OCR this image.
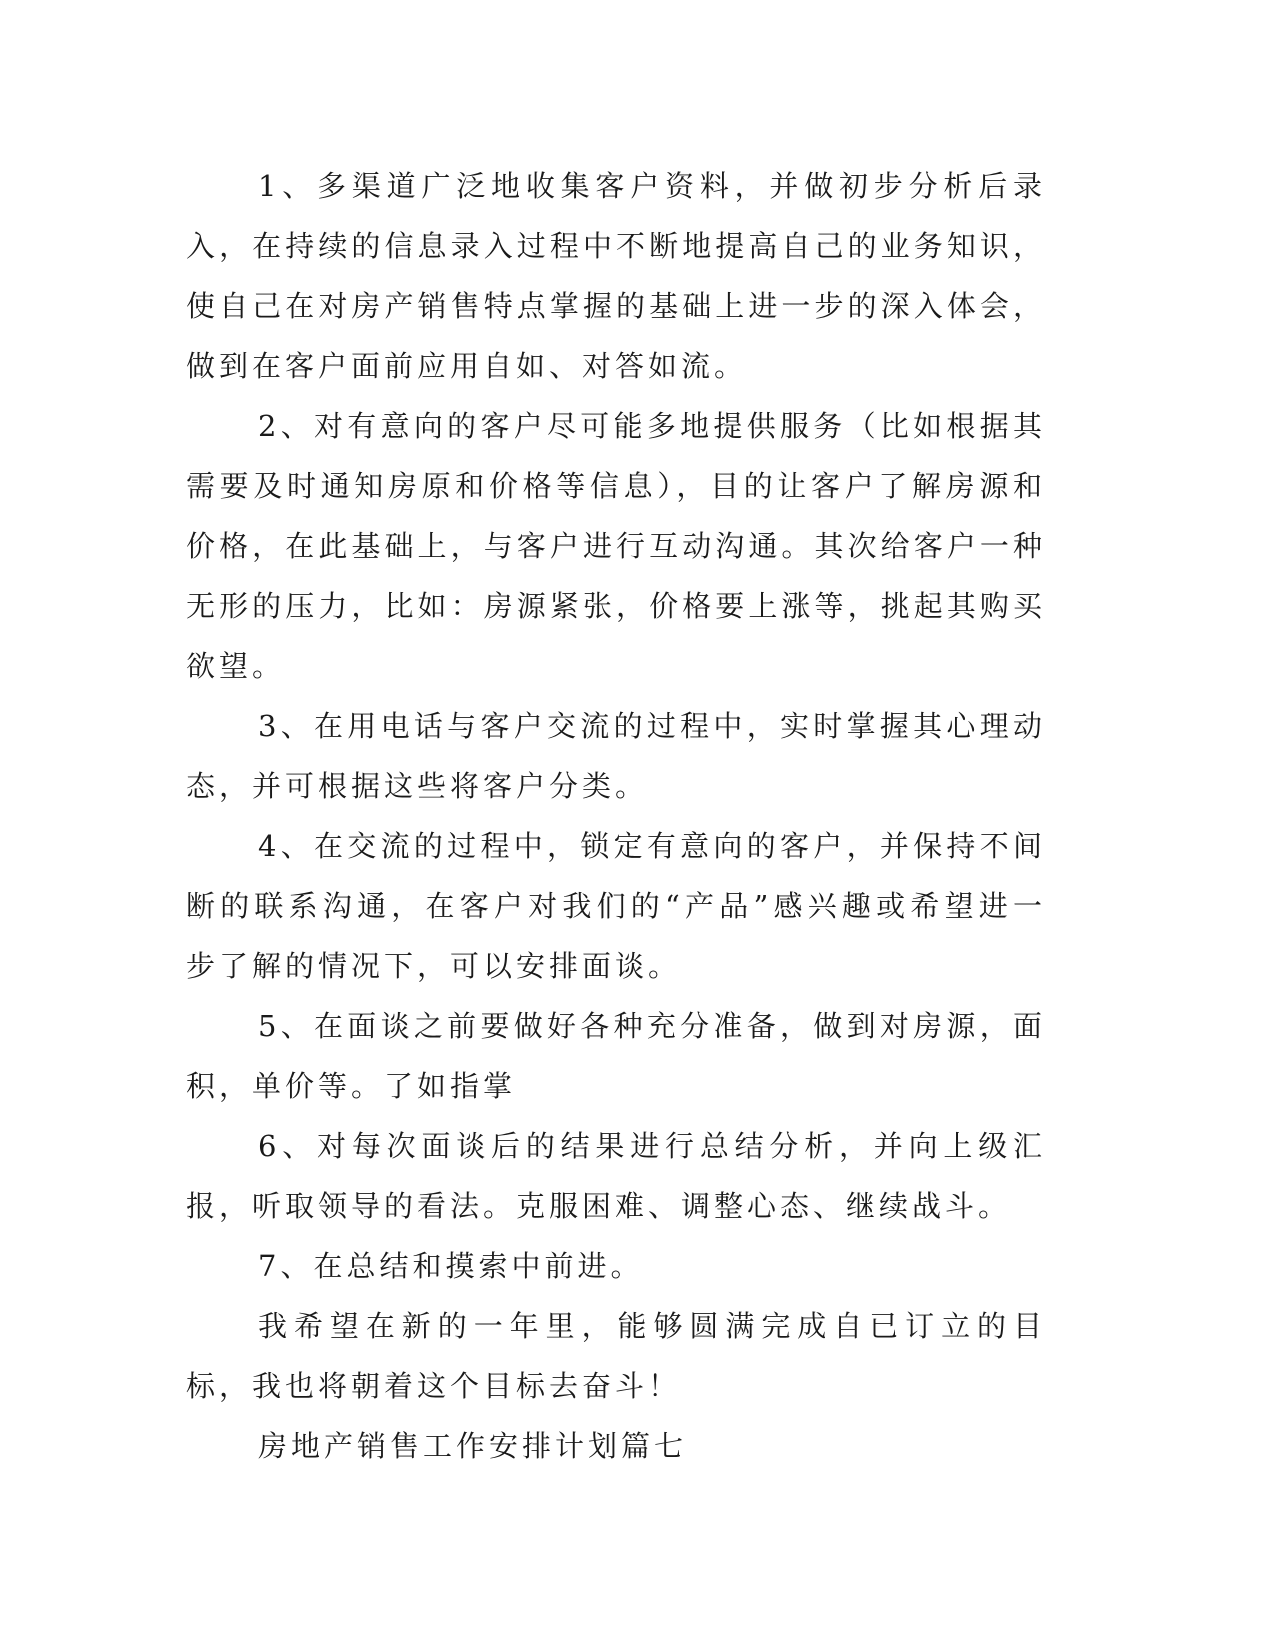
1、多渠道广泛地收集客户资料，并做初步分析后录入，在持续的信息录入过程中不断地提高自己的业务知识，使自己在对房产销售特点掌握的基础上进一步的深入体会，做到在客户面前应用自如、对答如流。

2、对有意向的客户尽可能多地提供服务（比如根据其需要及时通知房原和价格等信息），目的让客户了解房源和价格，在此基础上，与客户进行互动沟通。其次给客户一种无形的压力，比如：房源紧张，价格要上涨等，挑起其购买欲望。

3、在用电话与客户交流的过程中，实时掌握其心理动态，并可根据这些将客户分类。

4、在交流的过程中，锁定有意向的客户，并保持不间断的联系沟通，在客户对我们的“产品”感兴趣或希望进一步了解的情况下，可以安排面谈。

5、在面谈之前要做好各种充分准备，做到对房源，面积，单价等。了如指掌

6、对每次面谈后的结果进行总结分析，并向上级汇报，听取领导的看法。克服困难、调整心态、继续战斗。

7、在总结和摸索中前进。

我希望在新的一年里，能够圆满完成自已订立的目标，我也将朝着这个目标去奋斗！

房地产销售工作安排计划篇七
